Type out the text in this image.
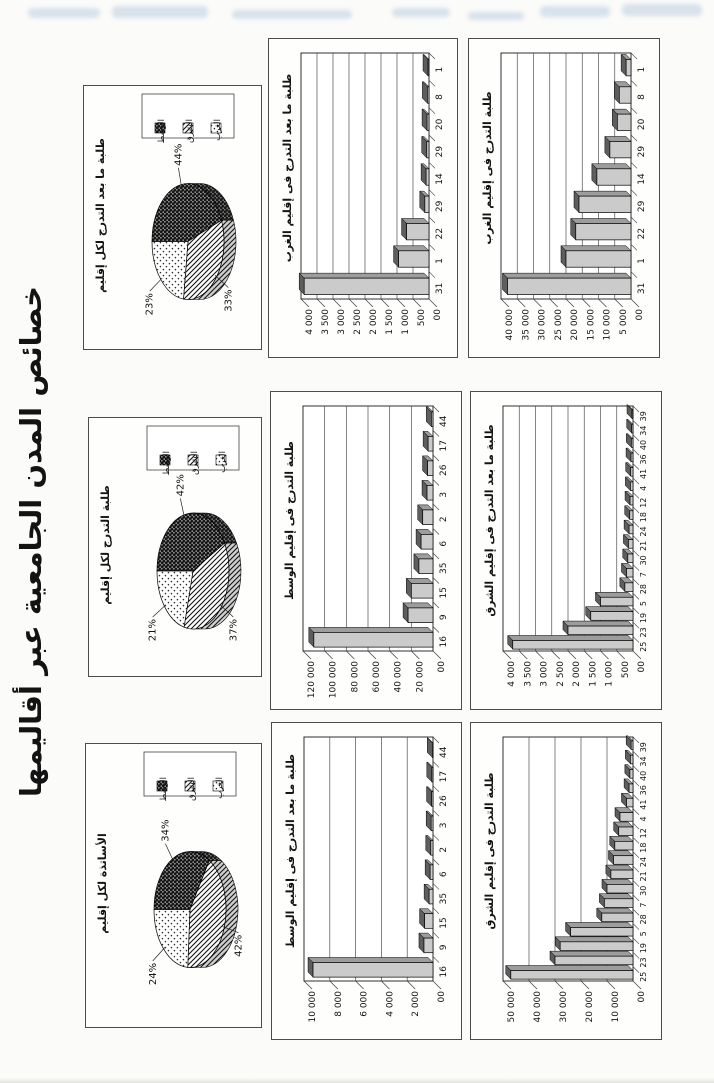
خصائص المدن الجامعية عبر أقاليمها
34%
42%
24%
الوسط الشرق الغرب
الأساتذة لكل إقليم
42%
37%
21%
الوسط الشرق الغرب
طلبة التدرج لكل إقليم
44%
33%
23%
الوسط الشرق الغرب
طلبة ما بعد التدرج لكل إقليم
10 000 8 000 6 000 4 000 2 000 00
16
9
15
35
6
2
3
26
17
44
طلبة ما بعد التدرج فى إقليم الوسط
120 000 100 000 80 000 60 000 40 000 20 000 00
16
9
15
35
6
2
3
26
17
44
طلبة التدرج فى إقليم الوسط
4 000 3 500 3 000 2 500 2 000 1 500 1 000 500 00
31
1
22
29
14
29
20
8
1
طلبة ما بعد التدرج فى إقليم الغرب
50 000 40 000 30 000 20 000 10 000 00
25
23
19
5
28
7
30
21
24
18
12
4
41
36
40
34
39
طلبة التدرج فى إقليم الشرق
4 000 3 500 3 000 2 500 2 000 1 500 1 000 500 00
25
23
19
5
28
7
30
21
24
18
12
4
41
36
40
34
39
طلبة ما بعد التدرج فى إقليم الشرق
40 000 35 000 30 000 25 000 20 000 15 000 10 000 5 000 00
31
1
22
29
14
29
20
8
1
طلبة التدرج فى إقليم الغرب
